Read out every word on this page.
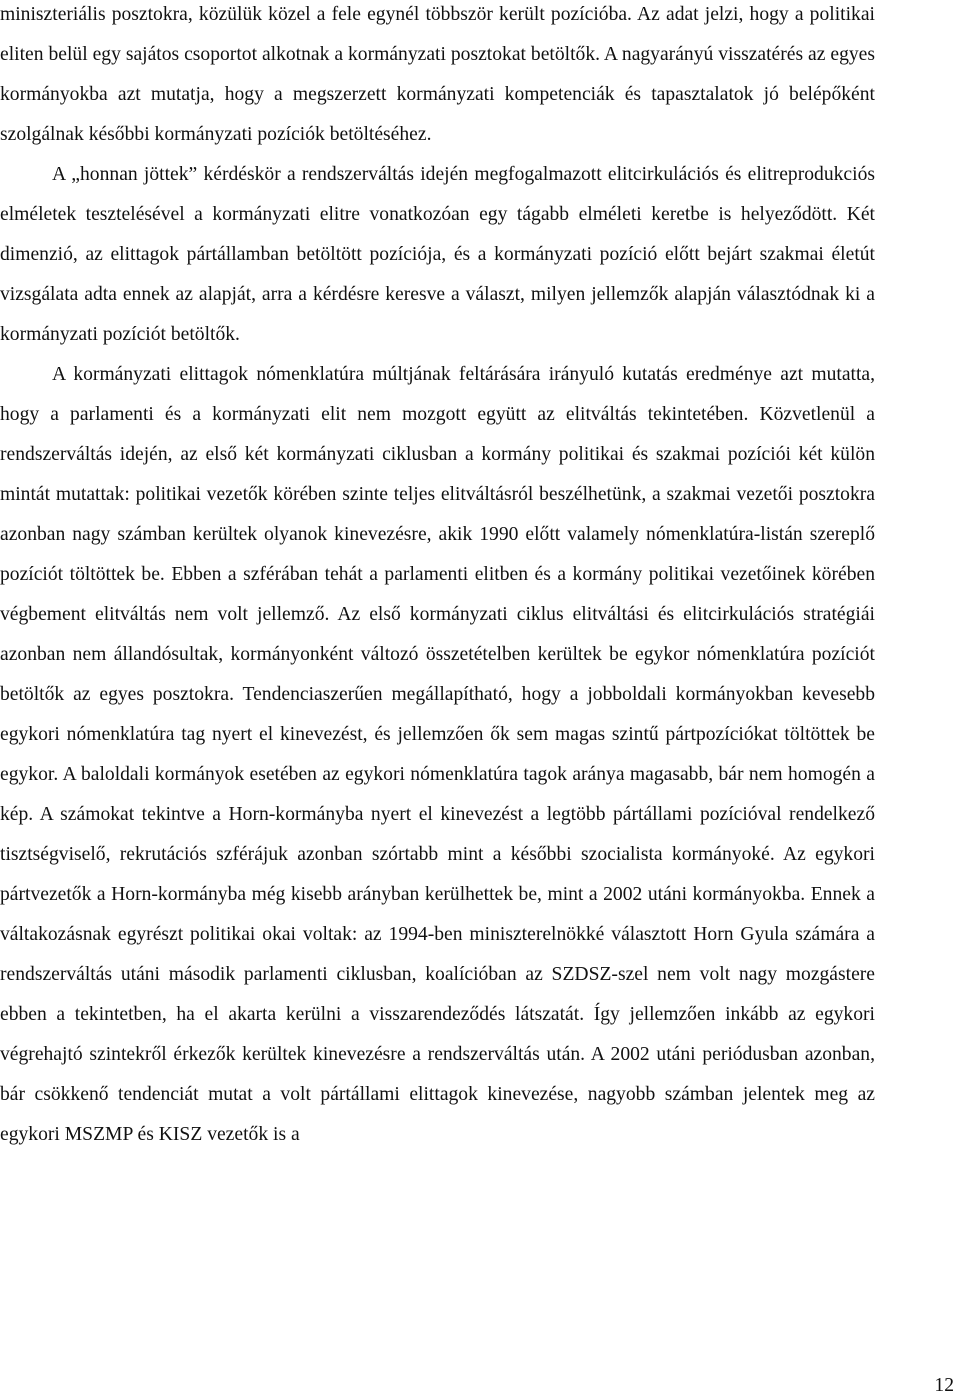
miniszteriális posztokra, közülük közel a fele egynél többször került pozícióba. Az adat jelzi, hogy a politikai eliten belül egy sajátos csoportot alkotnak a kormányzati posztokat betöltők. A nagyarányú visszatérés az egyes kormányokba azt mutatja, hogy a megszerzett kormányzati kompetenciák és tapasztalatok jó belépőként szolgálnak későbbi kormányzati pozíciók betöltéséhez.

A „honnan jöttek” kérdéskör a rendszerváltás idején megfogalmazott elitcirkulációs és elitreprodukciós elméletek tesztelésével a kormányzati elitre vonatkozóan egy tágabb elméleti keretbe is helyeződött. Két dimenzió, az elittagok pártállamban betöltött pozíciója, és a kormányzati pozíció előtt bejárt szakmai életút vizsgálata adta ennek az alapját, arra a kérdésre keresve a választ, milyen jellemzők alapján választódnak ki a kormányzati pozíciót betöltők.

A kormányzati elittagok nómenklatúra múltjának feltárására irányuló kutatás eredménye azt mutatta, hogy a parlamenti és a kormányzati elit nem mozgott együtt az elitváltás tekintetében. Közvetlenül a rendszerváltás idején, az első két kormányzati ciklusban a kormány politikai és szakmai pozíciói két külön mintát mutattak: politikai vezetők körében szinte teljes elitváltásról beszélhetünk, a szakmai vezetői posztokra azonban nagy számban kerültek olyanok kinevezésre, akik 1990 előtt valamely nómenklatúra-listán szereplő pozíciót töltöttek be. Ebben a szférában tehát a parlamenti elitben és a kormány politikai vezetőinek körében végbement elitváltás nem volt jellemző. Az első kormányzati ciklus elitváltási és elitcirkulációs stratégiái azonban nem állandósultak, kormányonként változó összetételben kerültek be egykor nómenklatúra pozíciót betöltők az egyes posztokra. Tendenciaszerűen megállapítható, hogy a jobboldali kormányokban kevesebb egykori nómenklatúra tag nyert el kinevezést, és jellemzően ők sem magas szintű pártpozíciókat töltöttek be egykor. A baloldali kormányok esetében az egykori nómenklatúra tagok aránya magasabb, bár nem homogén a kép. A számokat tekintve a Horn-kormányba nyert el kinevezést a legtöbb pártállami pozícióval rendelkező tisztségviselő, rekrutációs szférájuk azonban szórtabb mint a későbbi szocialista kormányoké. Az egykori pártvezetők a Horn-kormányba még kisebb arányban kerülhettek be, mint a 2002 utáni kormányokba. Ennek a váltakozásnak egyrészt politikai okai voltak: az 1994-ben miniszterelnökké választott Horn Gyula számára a rendszerváltás utáni második parlamenti ciklusban, koalícióban az SZDSZ-szel nem volt nagy mozgástere ebben a tekintetben, ha el akarta kerülni a visszarendeződés látszatát. Így jellemzően inkább az egykori végrehajtó szintekről érkezők kerültek kinevezésre a rendszerváltás után. A 2002 utáni periódusban azonban, bár csökkenő tendenciát mutat a volt pártállami elittagok kinevezése, nagyobb számban jelentek meg az egykori MSZMP és KISZ vezetők is a

12
